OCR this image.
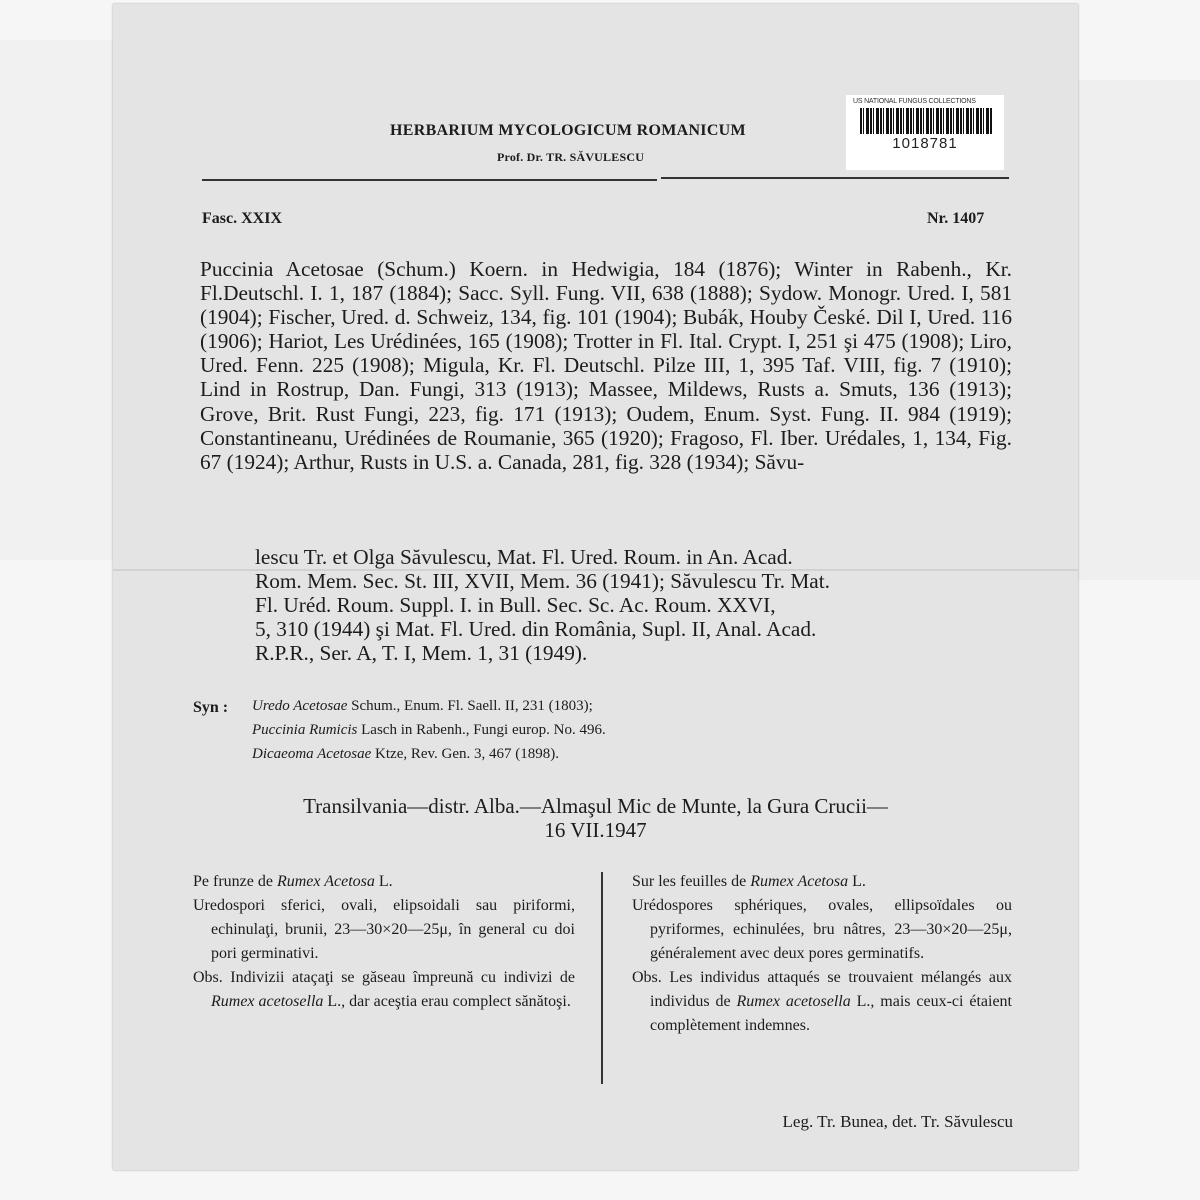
US NATIONAL FUNGUS COLLECTIONS
1018781
HERBARIUM MYCOLOGICUM ROMANICUM
Prof. Dr. TR. SĂVULESCU
Fasc. XXIX	Nr. 1407
Puccinia Acetosae (Schum.) Koern. in Hedwigia, 184 (1876); Winter in Rabenh., Kr. Fl.Deutschl. I. 1, 187 (1884); Sacc. Syll. Fung. VII, 638 (1888); Sydow. Monogr. Ured. I, 581 (1904); Fischer, Ured. d. Schweiz, 134, fig. 101 (1904); Bubák, Houby České. Dil I, Ured. 116 (1906); Hariot, Les Urédinées, 165 (1908); Trotter in Fl. Ital. Crypt. I, 251 şi 475 (1908); Liro, Ured. Fenn. 225 (1908); Migula, Kr. Fl. Deutschl. Pilze III, 1, 395 Taf. VIII, fig. 7 (1910); Lind in Rostrup, Dan. Fungi, 313 (1913); Massee, Mildews, Rusts a. Smuts, 136 (1913); Grove, Brit. Rust Fungi, 223, fig. 171 (1913); Oudem, Enum. Syst. Fung. II. 984 (1919); Constantineanu, Urédinées de Roumanie, 365 (1920); Fragoso, Fl. Iber. Urédales, 1, 134, Fig. 67 (1924); Arthur, Rusts in U.S. a. Canada, 281, fig. 328 (1934); Săvu-
lescu Tr. et Olga Săvulescu, Mat. Fl. Ured. Roum. in An. Acad.
Rom. Mem. Sec. St. III, XVII, Mem. 36 (1941); Săvulescu Tr. Mat.
Fl. Uréd. Roum. Suppl. I. in Bull. Sec. Sc. Ac. Roum. XXVI,
5, 310 (1944) şi Mat. Fl. Ured. din România, Supl. II, Anal. Acad.
R.P.R., Ser. A, T. I, Mem. 1, 31 (1949).
Syn : Uredo Acetosae Schum., Enum. Fl. Saell. II, 231 (1803);
Puccinia Rumicis Lasch in Rabenh., Fungi europ. No. 496.
Dicaeoma Acetosae Ktze, Rev. Gen. 3, 467 (1898).
Transilvania—distr. Alba.—Almaşul Mic de Munte, la Gura Crucii—
16 VII.1947
Pe frunze de Rumex Acetosa L.
Uredospori sferici, ovali, elipsoidali sau piriformi, echinulaţi, brunii, 23—30×20—25μ, în general cu doi pori germinativi.
Obs. Indivizii ataçaţi se găseau împreună cu indivizi de Rumex acetosella L., dar aceştia erau complect sănătoşi.
Sur les feuilles de Rumex Acetosa L.
Urédospores sphériques, ovales, ellipsoïdales ou pyriformes, echinulées, bru nâtres, 23—30×20—25μ, généralement avec deux pores germinatifs.
Obs. Les individus attaqués se trouvaient mélangés aux individus de Rumex acetosella L., mais ceux-ci étaient complètement indemnes.
Leg. Tr. Bunea, det. Tr. Săvulescu
